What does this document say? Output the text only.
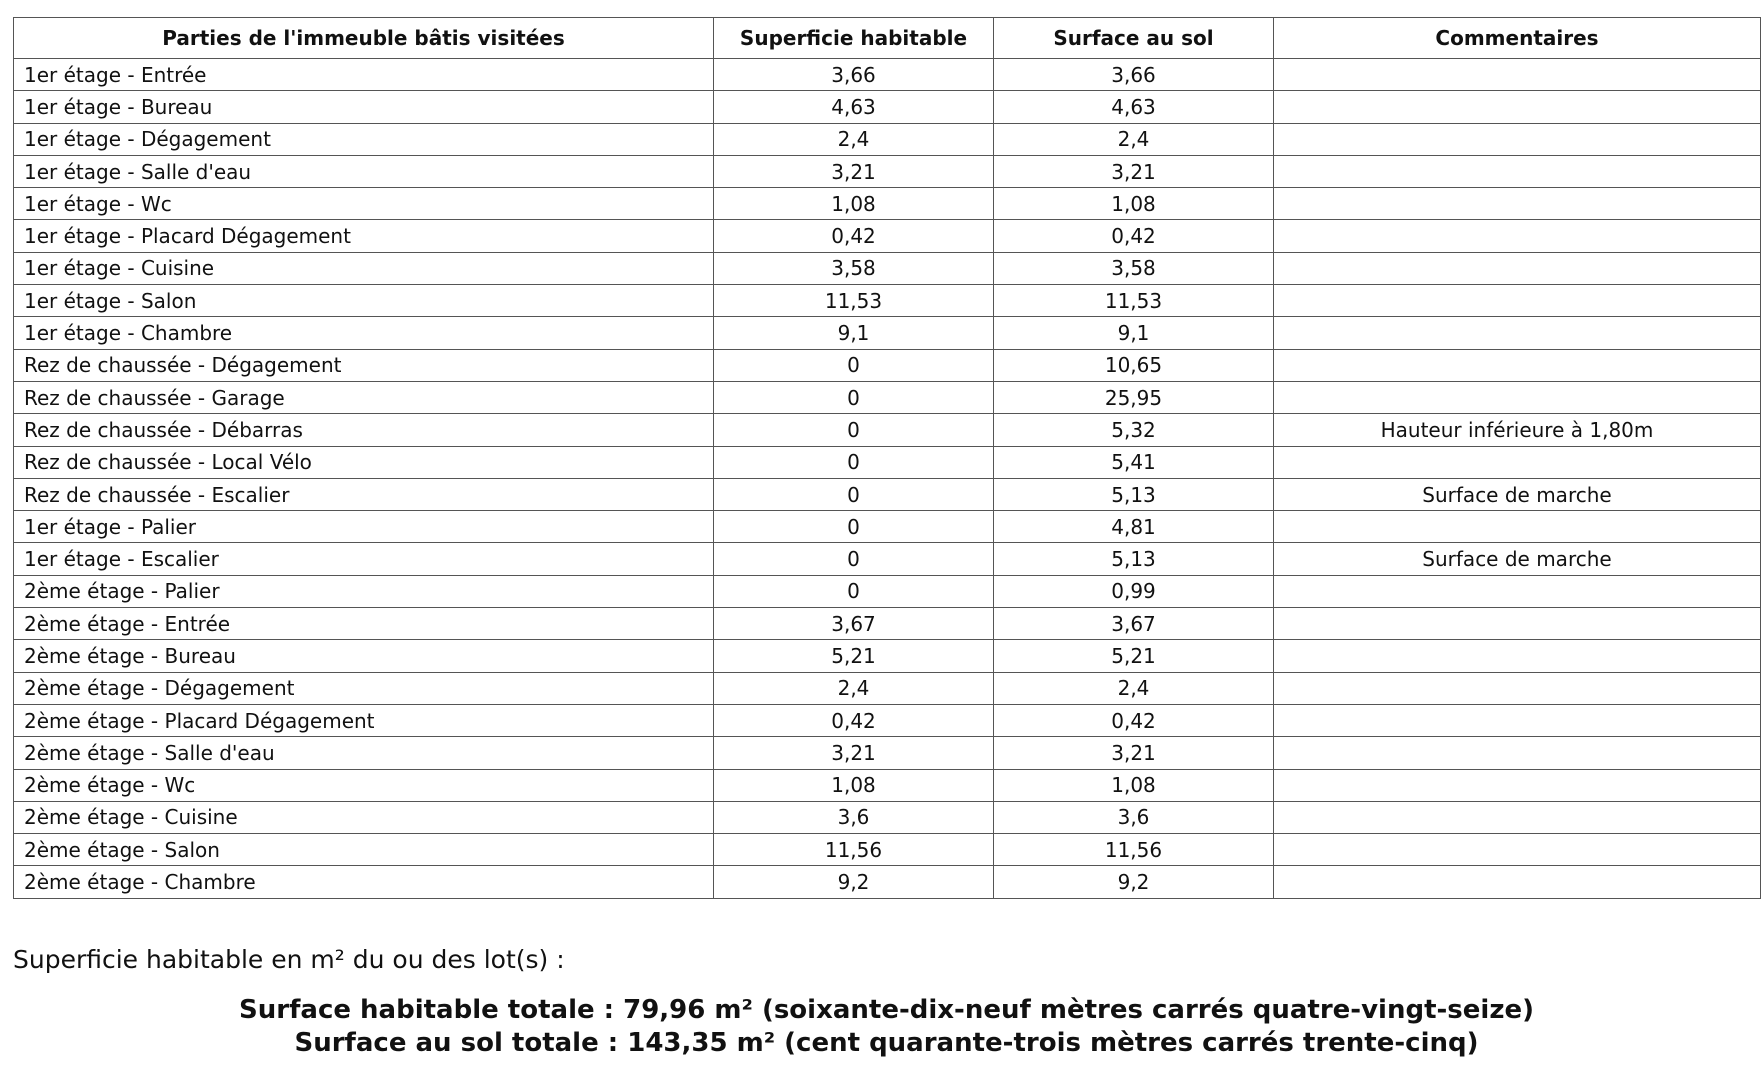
Parties de l'immeuble bâtis visitées	Superficie habitable	Surface au sol	Commentaires
1er étage - Entrée	3,66	3,66	
1er étage - Bureau	4,63	4,63	
1er étage - Dégagement	2,4	2,4	
1er étage - Salle d'eau	3,21	3,21	
1er étage - Wc	1,08	1,08	
1er étage - Placard Dégagement	0,42	0,42	
1er étage - Cuisine	3,58	3,58	
1er étage - Salon	11,53	11,53	
1er étage - Chambre	9,1	9,1	
Rez de chaussée - Dégagement	0	10,65	
Rez de chaussée - Garage	0	25,95	
Rez de chaussée - Débarras	0	5,32	Hauteur inférieure à 1,80m
Rez de chaussée - Local Vélo	0	5,41	
Rez de chaussée - Escalier	0	5,13	Surface de marche
1er étage - Palier	0	4,81	
1er étage - Escalier	0	5,13	Surface de marche
2ème étage - Palier	0	0,99	
2ème étage - Entrée	3,67	3,67	
2ème étage - Bureau	5,21	5,21	
2ème étage - Dégagement	2,4	2,4	
2ème étage - Placard Dégagement	0,42	0,42	
2ème étage - Salle d'eau	3,21	3,21	
2ème étage - Wc	1,08	1,08	
2ème étage - Cuisine	3,6	3,6	
2ème étage - Salon	11,56	11,56	
2ème étage - Chambre	9,2	9,2	
Superficie habitable en m² du ou des lot(s) :
Surface habitable totale : 79,96 m² (soixante-dix-neuf mètres carrés quatre-vingt-seize)
Surface au sol totale : 143,35 m² (cent quarante-trois mètres carrés trente-cinq)
